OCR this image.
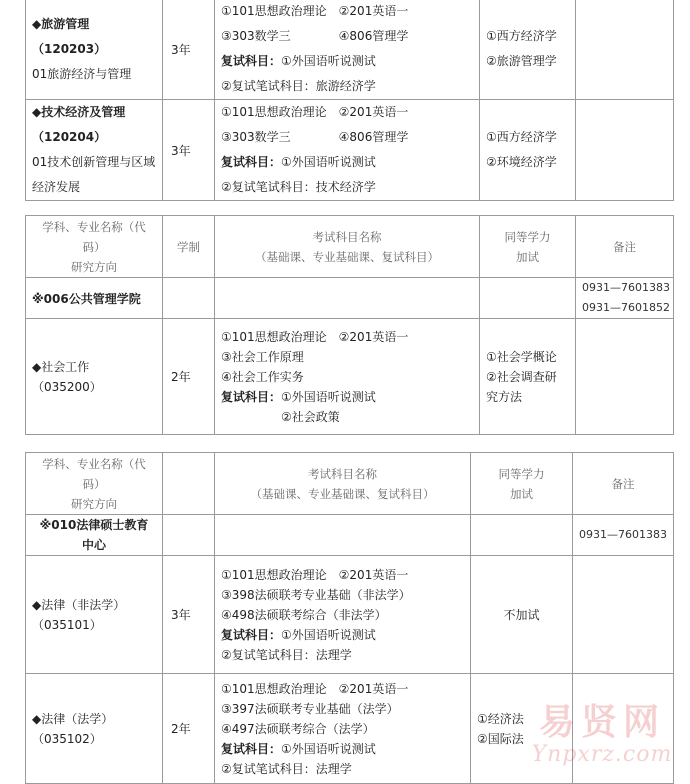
◆旅游管理
（120203）
01旅游经济与管理	3年	①101思想政治理论　②201英语一
③303数学三　　　　④806管理学
复试科目：①外国语听说测试
②复试笔试科目：旅游经济学	①西方经济学
②旅游管理学	

◆技术经济及管理
（120204）
01技术创新管理与区域
经济发展	3年	①101思想政治理论　②201英语一
③303数学三　　　　④806管理学
复试科目：①外国语听说测试
②复试笔试科目：技术经济学	①西方经济学
②环境经济学	

学科、专业名称（代
码）
研究方向	学制	考试科目名称
（基础课、专业基础课、复试科目）	同等学力
加试	备注
※006公共管理学院				0931—7601383
0931—7601852

◆社会工作
（035200）	2年	①101思想政治理论　②201英语一
③社会工作原理
④社会工作实务
复试科目：①外国语听说测试
②社会政策	①社会学概论
②社会调查研
究方法	

学科、专业名称（代
码）
研究方向		考试科目名称
（基础课、专业基础课、复试科目）	同等学力
加试	备注

※010法律硕士教育
中心				0931—7601383

◆法律（非法学）
（035101）	3年	①101思想政治理论　②201英语一
③398法硕联考专业基础（非法学）
④498法硕联考综合（非法学）
复试科目：①外国语听说测试
②复试笔试科目：法理学	不加试	

◆法律（法学）
（035102）	2年	①101思想政治理论　②201英语一
③397法硕联考专业基础（法学）
④497法硕联考综合（法学）
复试科目：①外国语听说测试
②复试笔试科目：法理学	①经济法
②国际法	
	易贤网
Ynpxrz.com
